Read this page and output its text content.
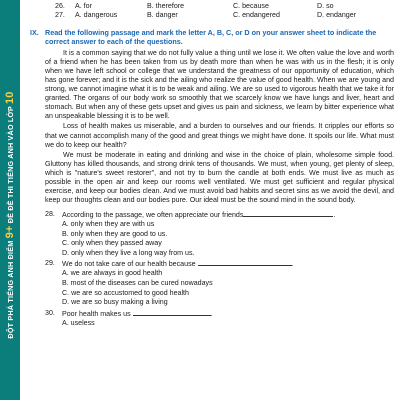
ĐỘT PHÁ TIẾNG ANH ĐIỂM 9+ ĐỀ ĐỀ THI TIẾNG ANH VÀO LỚP 10
26.	A. for	B. therefore	C. because	D. so
27.	A. dangerous	B. danger	C. endangered	D. endanger
IX. Read the following passage and mark the letter A, B, C, or D on your answer sheet to indicate the correct answer to each of the questions.

It is a common saying that we do not fully value a thing until we lose it. We often value the love and worth of a friend when he has been taken from us by death more than when he was with us in the flesh; it is only when we have left school or college that we understand the greatness of our opportunity of education, which has gone forever; and it is the sick and the ailing who realize the value of good health. When we are young and strong, we cannot imagine what it is to be weak and ailing. We are so used to vigorous health that we take it for granted. The organs of our body work so smoothly that we scarcely know we have lungs and liver, heart and stomach. But when any of these gets upset and gives us pain and sickness, we learn by bitter experience what an unspeakable blessing it is to be well.

Loss of health makes us miserable, and a burden to ourselves and our friends. It cripples our efforts so that we cannot accomplish many of the good and great things we might have done. It spoils our life. What must we do to keep our health?

We must be moderate in eating and drinking and wise in the choice of plain, wholesome simple food. Gluttony has killed thousands, and strong drink tens of thousands. We must, when young, get plenty of sleep, which is "nature's sweet restorer", and not try to burn the candle at both ends. We must live as much as possible in the open air and keep our rooms well ventilated. We must get sufficient and regular physical exercise, and keep our bodies clean. And we must avoid bad habits and secret sins as we avoid the devil, and keep our thoughts clean and our bodies pure. Our ideal must be the sound mind in the sound body.

28.	According to the passage, we often appreciate our friends	.
A. only when they are with us
B. only when they are good to us.
C. only when they passed away
D. only when they live a long way from us.
29.	We do not take care of our health because	.
A. we are always in good health
B. most of the diseases can be cured nowadays
C. we are so accustomed to good health
D. we are so busy making a living
30.	Poor health makes us	.
A. useless
